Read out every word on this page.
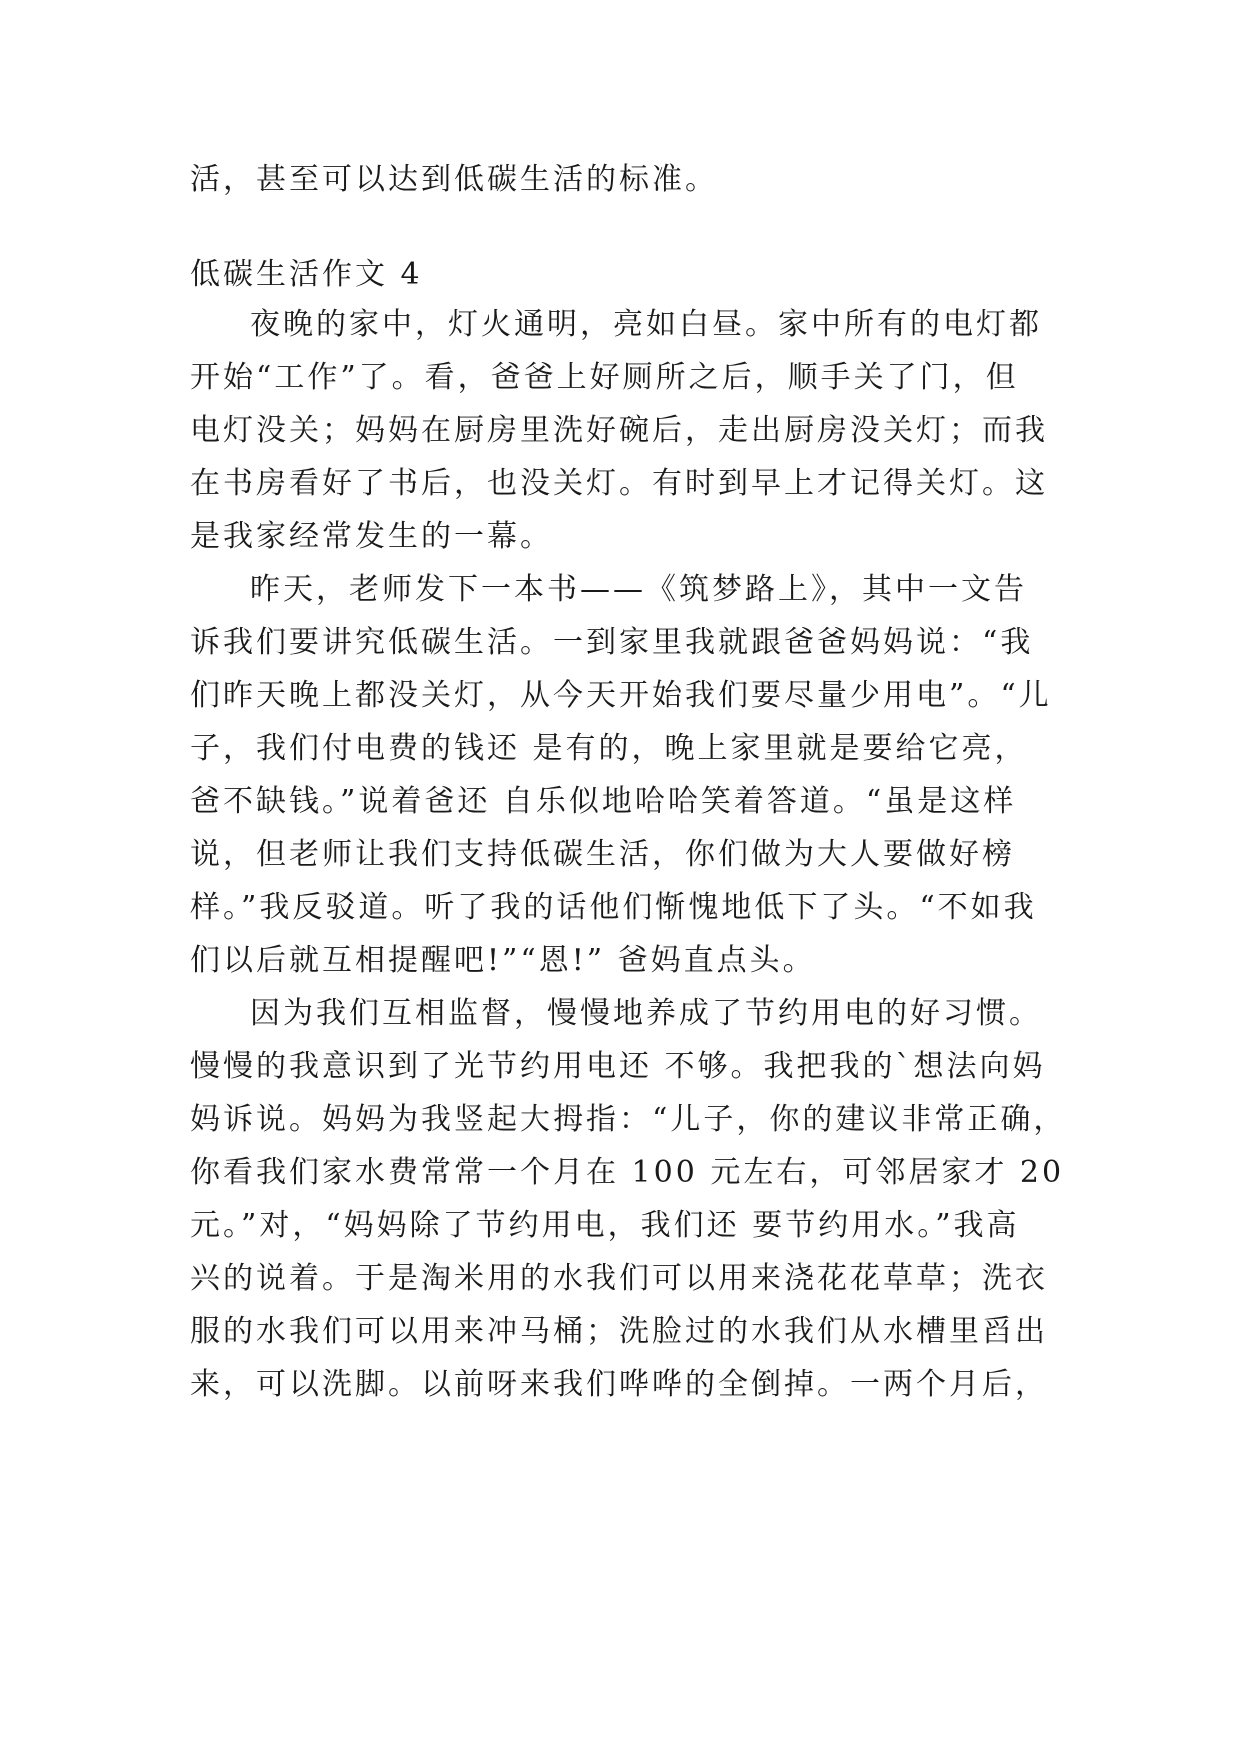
活，甚至可以达到低碳生活的标准。
低碳生活作文 4
夜晚的家中，灯火通明，亮如白昼。家中所有的电灯都
开始“工作”了。看，爸爸上好厕所之后，顺手关了门，但
电灯没关；妈妈在厨房里洗好碗后，走出厨房没关灯；而我
在书房看好了书后，也没关灯。有时到早上才记得关灯。这
是我家经常发生的一幕。
昨天，老师发下一本书——《筑梦路上》，其中一文告
诉我们要讲究低碳生活。一到家里我就跟爸爸妈妈说：“我
们昨天晚上都没关灯，从今天开始我们要尽量少用电”。“儿
子，我们付电费的钱还 是有的，晚上家里就是要给它亮，
爸不缺钱。”说着爸还 自乐似地哈哈笑着答道。“虽是这样
说，但老师让我们支持低碳生活，你们做为大人要做好榜
样。”我反驳道。听了我的话他们惭愧地低下了头。“不如我
们以后就互相提醒吧!”“恩!” 爸妈直点头。
因为我们互相监督，慢慢地养成了节约用电的好习惯。
慢慢的我意识到了光节约用电还 不够。我把我的`想法向妈
妈诉说。妈妈为我竖起大拇指：“儿子，你的建议非常正确，
你看我们家水费常常一个月在 100 元左右，可邻居家才 20
元。”对，“妈妈除了节约用电，我们还 要节约用水。”我高
兴的说着。于是淘米用的水我们可以用来浇花花草草；洗衣
服的水我们可以用来冲马桶；洗脸过的水我们从水槽里舀出
来，可以洗脚。以前呀来我们哗哗的全倒掉。一两个月后，
